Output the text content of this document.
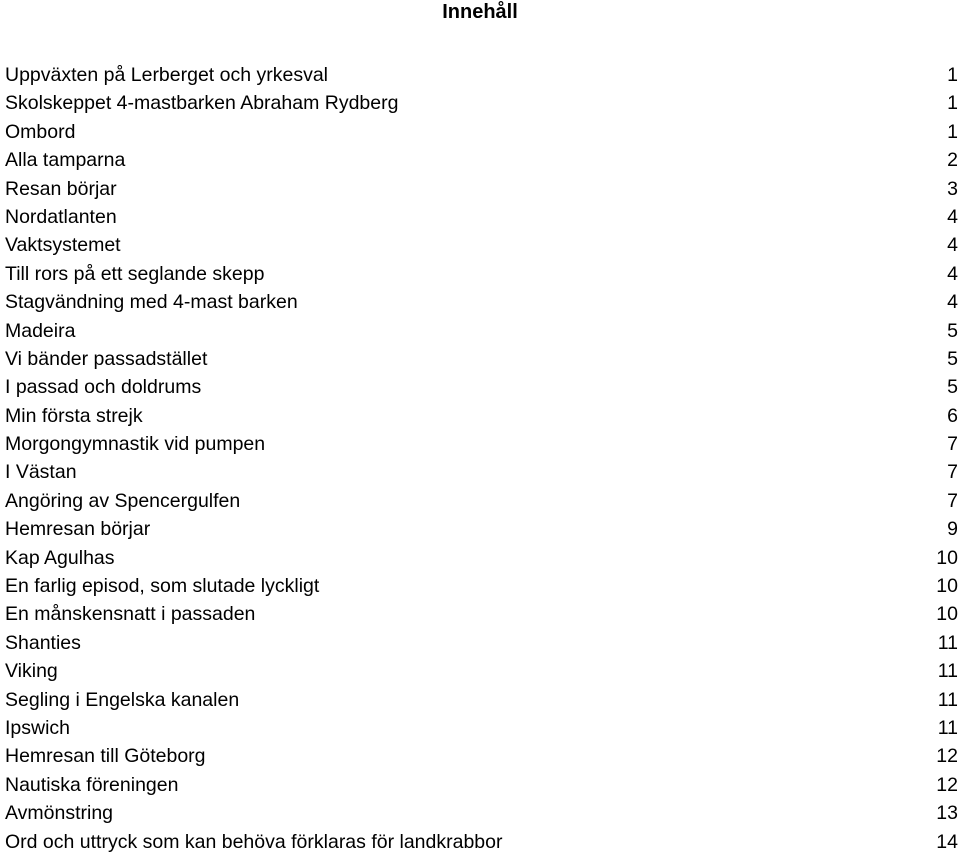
Innehåll
Uppväxten på Lerberget och yrkesval	1
Skolskeppet 4-mastbarken Abraham Rydberg	1
Ombord	1
Alla tamparna	2
Resan börjar	3
Nordatlanten	4
Vaktsystemet	4
Till rors på ett seglande skepp	4
Stagvändning med 4-mast barken	4
Madeira	5
Vi bänder passadstället	5
I passad och doldrums	5
Min första strejk	6
Morgongymnastik vid pumpen	7
I Västan	7
Angöring av Spencergulfen	7
Hemresan börjar	9
Kap Agulhas	10
En farlig episod, som slutade lyckligt	10
En månskensnatt i passaden	10
Shanties	11
Viking	11
Segling i Engelska kanalen	11
Ipswich	11
Hemresan till Göteborg	12
Nautiska föreningen	12
Avmönstring	13
Ord och uttryck som kan behöva förklaras för landkrabbor	14
